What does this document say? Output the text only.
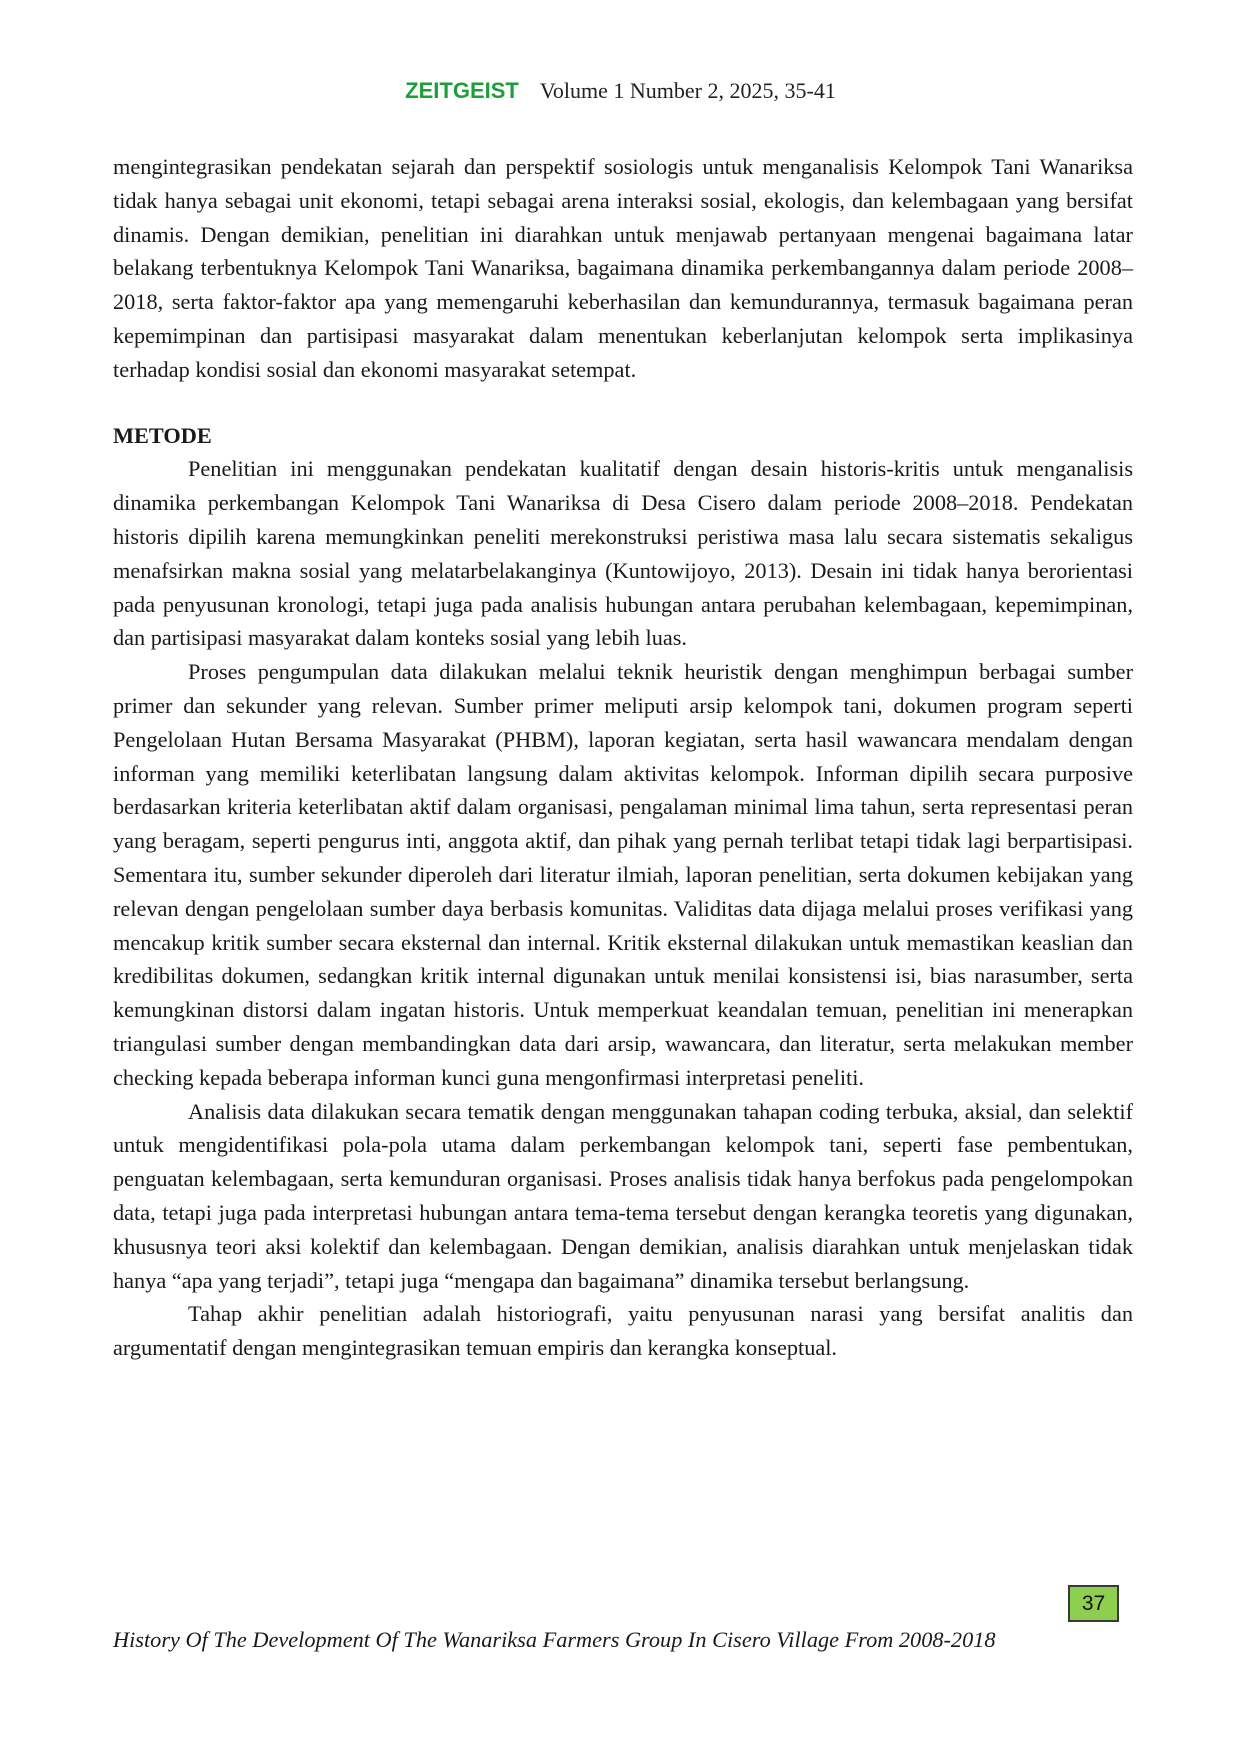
ZEITGEIST Volume 1 Number 2, 2025, 35-41

mengintegrasikan pendekatan sejarah dan perspektif sosiologis untuk menganalisis Kelompok Tani Wanariksa tidak hanya sebagai unit ekonomi, tetapi sebagai arena interaksi sosial, ekologis, dan kelembagaan yang bersifat dinamis. Dengan demikian, penelitian ini diarahkan untuk menjawab pertanyaan mengenai bagaimana latar belakang terbentuknya Kelompok Tani Wanariksa, bagaimana dinamika perkembangannya dalam periode 2008–2018, serta faktor-faktor apa yang memengaruhi keberhasilan dan kemundurannya, termasuk bagaimana peran kepemimpinan dan partisipasi masyarakat dalam menentukan keberlanjutan kelompok serta implikasinya terhadap kondisi sosial dan ekonomi masyarakat setempat.

METODE

Penelitian ini menggunakan pendekatan kualitatif dengan desain historis-kritis untuk menganalisis dinamika perkembangan Kelompok Tani Wanariksa di Desa Cisero dalam periode 2008–2018. Pendekatan historis dipilih karena memungkinkan peneliti merekonstruksi peristiwa masa lalu secara sistematis sekaligus menafsirkan makna sosial yang melatarbelakanginya (Kuntowijoyo, 2013). Desain ini tidak hanya berorientasi pada penyusunan kronologi, tetapi juga pada analisis hubungan antara perubahan kelembagaan, kepemimpinan, dan partisipasi masyarakat dalam konteks sosial yang lebih luas.

Proses pengumpulan data dilakukan melalui teknik heuristik dengan menghimpun berbagai sumber primer dan sekunder yang relevan. Sumber primer meliputi arsip kelompok tani, dokumen program seperti Pengelolaan Hutan Bersama Masyarakat (PHBM), laporan kegiatan, serta hasil wawancara mendalam dengan informan yang memiliki keterlibatan langsung dalam aktivitas kelompok. Informan dipilih secara purposive berdasarkan kriteria keterlibatan aktif dalam organisasi, pengalaman minimal lima tahun, serta representasi peran yang beragam, seperti pengurus inti, anggota aktif, dan pihak yang pernah terlibat tetapi tidak lagi berpartisipasi. Sementara itu, sumber sekunder diperoleh dari literatur ilmiah, laporan penelitian, serta dokumen kebijakan yang relevan dengan pengelolaan sumber daya berbasis komunitas. Validitas data dijaga melalui proses verifikasi yang mencakup kritik sumber secara eksternal dan internal. Kritik eksternal dilakukan untuk memastikan keaslian dan kredibilitas dokumen, sedangkan kritik internal digunakan untuk menilai konsistensi isi, bias narasumber, serta kemungkinan distorsi dalam ingatan historis. Untuk memperkuat keandalan temuan, penelitian ini menerapkan triangulasi sumber dengan membandingkan data dari arsip, wawancara, dan literatur, serta melakukan member checking kepada beberapa informan kunci guna mengonfirmasi interpretasi peneliti.

Analisis data dilakukan secara tematik dengan menggunakan tahapan coding terbuka, aksial, dan selektif untuk mengidentifikasi pola-pola utama dalam perkembangan kelompok tani, seperti fase pembentukan, penguatan kelembagaan, serta kemunduran organisasi. Proses analisis tidak hanya berfokus pada pengelompokan data, tetapi juga pada interpretasi hubungan antara tema-tema tersebut dengan kerangka teoretis yang digunakan, khususnya teori aksi kolektif dan kelembagaan. Dengan demikian, analisis diarahkan untuk menjelaskan tidak hanya “apa yang terjadi”, tetapi juga “mengapa dan bagaimana” dinamika tersebut berlangsung.

Tahap akhir penelitian adalah historiografi, yaitu penyusunan narasi yang bersifat analitis dan argumentatif dengan mengintegrasikan temuan empiris dan kerangka konseptual.

37
History Of The Development Of The Wanariksa Farmers Group In Cisero Village From 2008-2018
